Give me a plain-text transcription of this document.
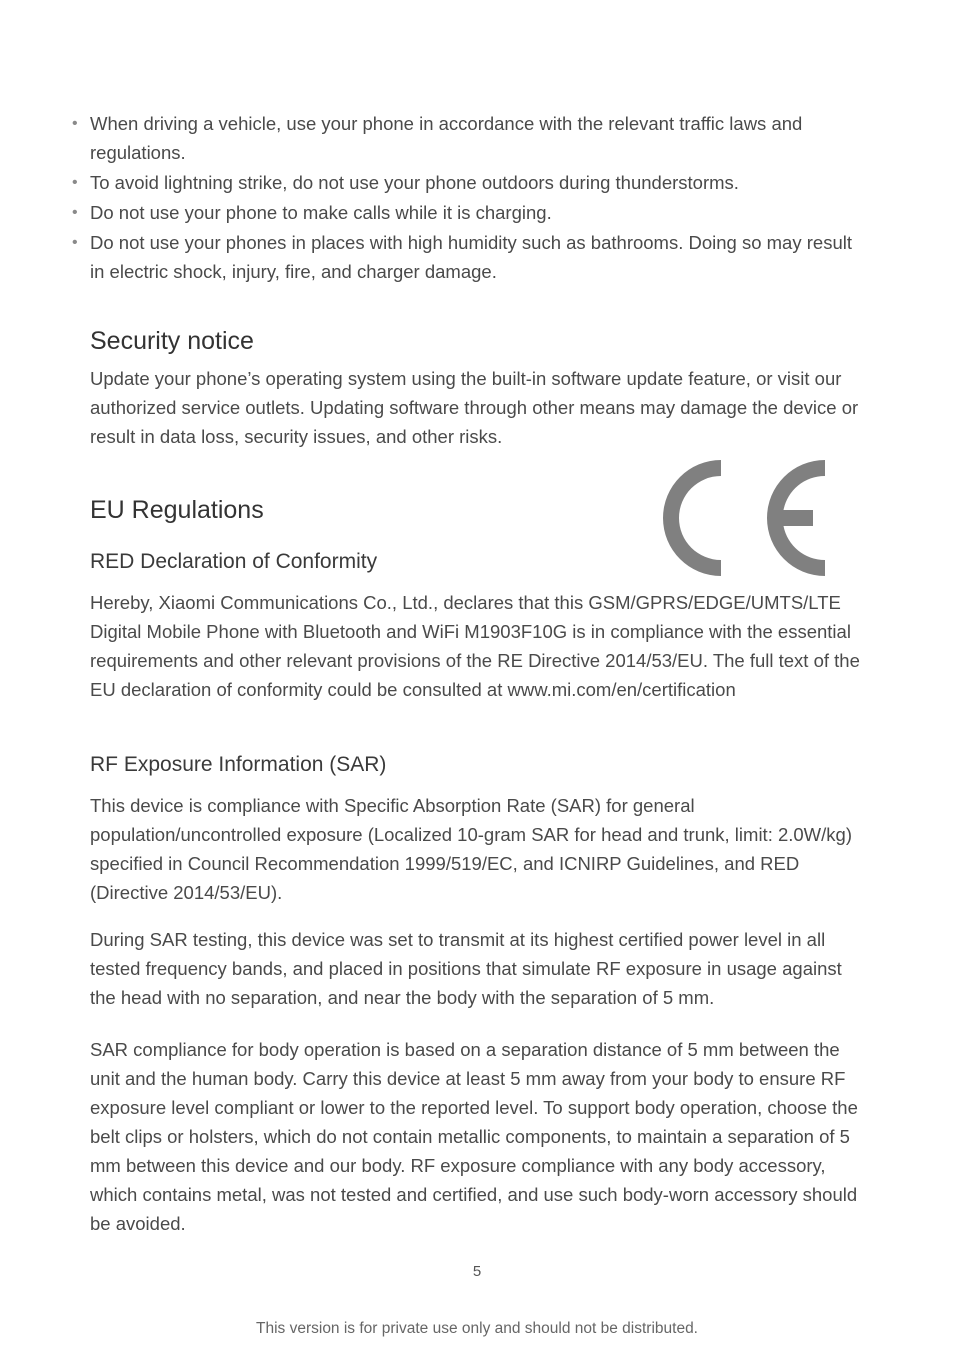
• When driving a vehicle, use your phone in accordance with the relevant traffic laws and regulations.
• To avoid lightning strike, do not use your phone outdoors during thunderstorms.
• Do not use your phone to make calls while it is charging.
• Do not use your phones in places with high humidity such as bathrooms. Doing so may result in electric shock, injury, fire, and charger damage.
Security notice

Update your phone’s operating system using the built-in software update feature, or visit our authorized service outlets. Updating software through other means may damage the device or result in data loss, security issues, and other risks.

EU Regulations
RED Declaration of Conformity

Hereby, Xiaomi Communications Co., Ltd., declares that this GSM/GPRS/EDGE/UMTS/LTE Digital Mobile Phone with Bluetooth and WiFi M1903F10G is in compliance with the essential requirements and other relevant provisions of the RE Directive 2014/53/EU. The full text of the EU declaration of conformity could be consulted at www.mi.com/en/certification

RF Exposure Information (SAR)

This device is compliance with Specific Absorption Rate (SAR) for general population/uncontrolled exposure (Localized 10-gram SAR for head and trunk, limit: 2.0W/kg) specified in Council Recommendation 1999/519/EC, and ICNIRP Guidelines, and RED (Directive 2014/53/EU).

During SAR testing, this device was set to transmit at its highest certified power level in all tested frequency bands, and placed in positions that simulate RF exposure in usage against the head with no separation, and near the body with the separation of 5 mm.

SAR compliance for body operation is based on a separation distance of 5 mm between the unit and the human body. Carry this device at least 5 mm away from your body to ensure RF exposure level compliant or lower to the reported level. To support body operation, choose the belt clips or holsters, which do not contain metallic components, to maintain a separation of 5 mm between this device and our body. RF exposure compliance with any body accessory, which contains metal, was not tested and certified, and use such body-worn accessory should be avoided.

5
This version is for private use only and should not be distributed.
